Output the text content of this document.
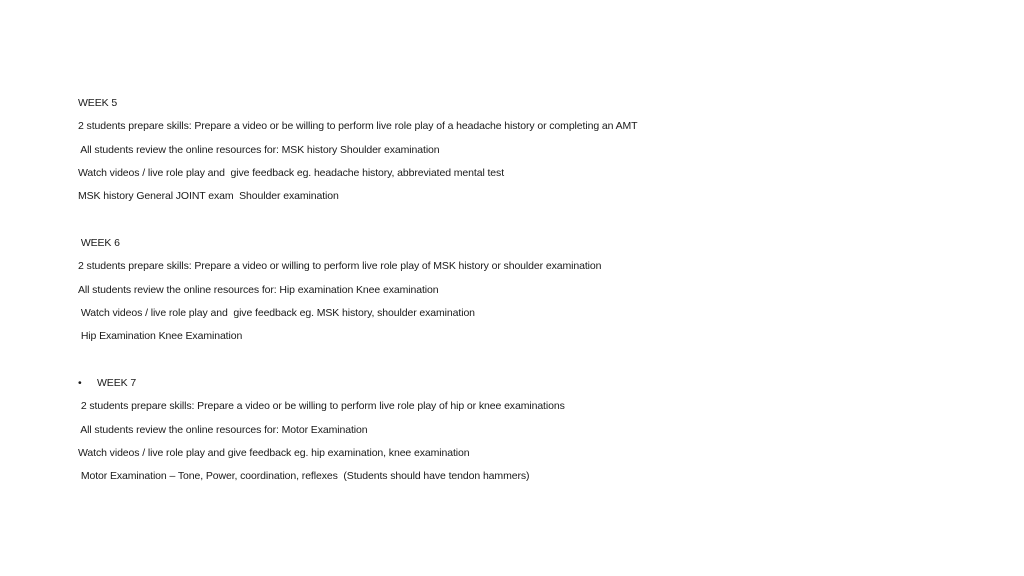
WEEK 5
2 students prepare skills: Prepare a video or be willing to perform live role play of a headache history or completing an AMT
All students review the online resources for: MSK history Shoulder examination
Watch videos / live role play and  give feedback eg. headache history, abbreviated mental test
MSK history General JOINT exam  Shoulder examination
WEEK 6
2 students prepare skills: Prepare a video or willing to perform live role play of MSK history or shoulder examination
All students review the online resources for: Hip examination Knee examination
Watch videos / live role play and  give feedback eg. MSK history, shoulder examination
Hip Examination Knee Examination
• WEEK 7
2 students prepare skills: Prepare a video or be willing to perform live role play of hip or knee examinations
All students review the online resources for: Motor Examination
Watch videos / live role play and give feedback eg. hip examination, knee examination
Motor Examination – Tone, Power, coordination, reflexes  (Students should have tendon hammers)
